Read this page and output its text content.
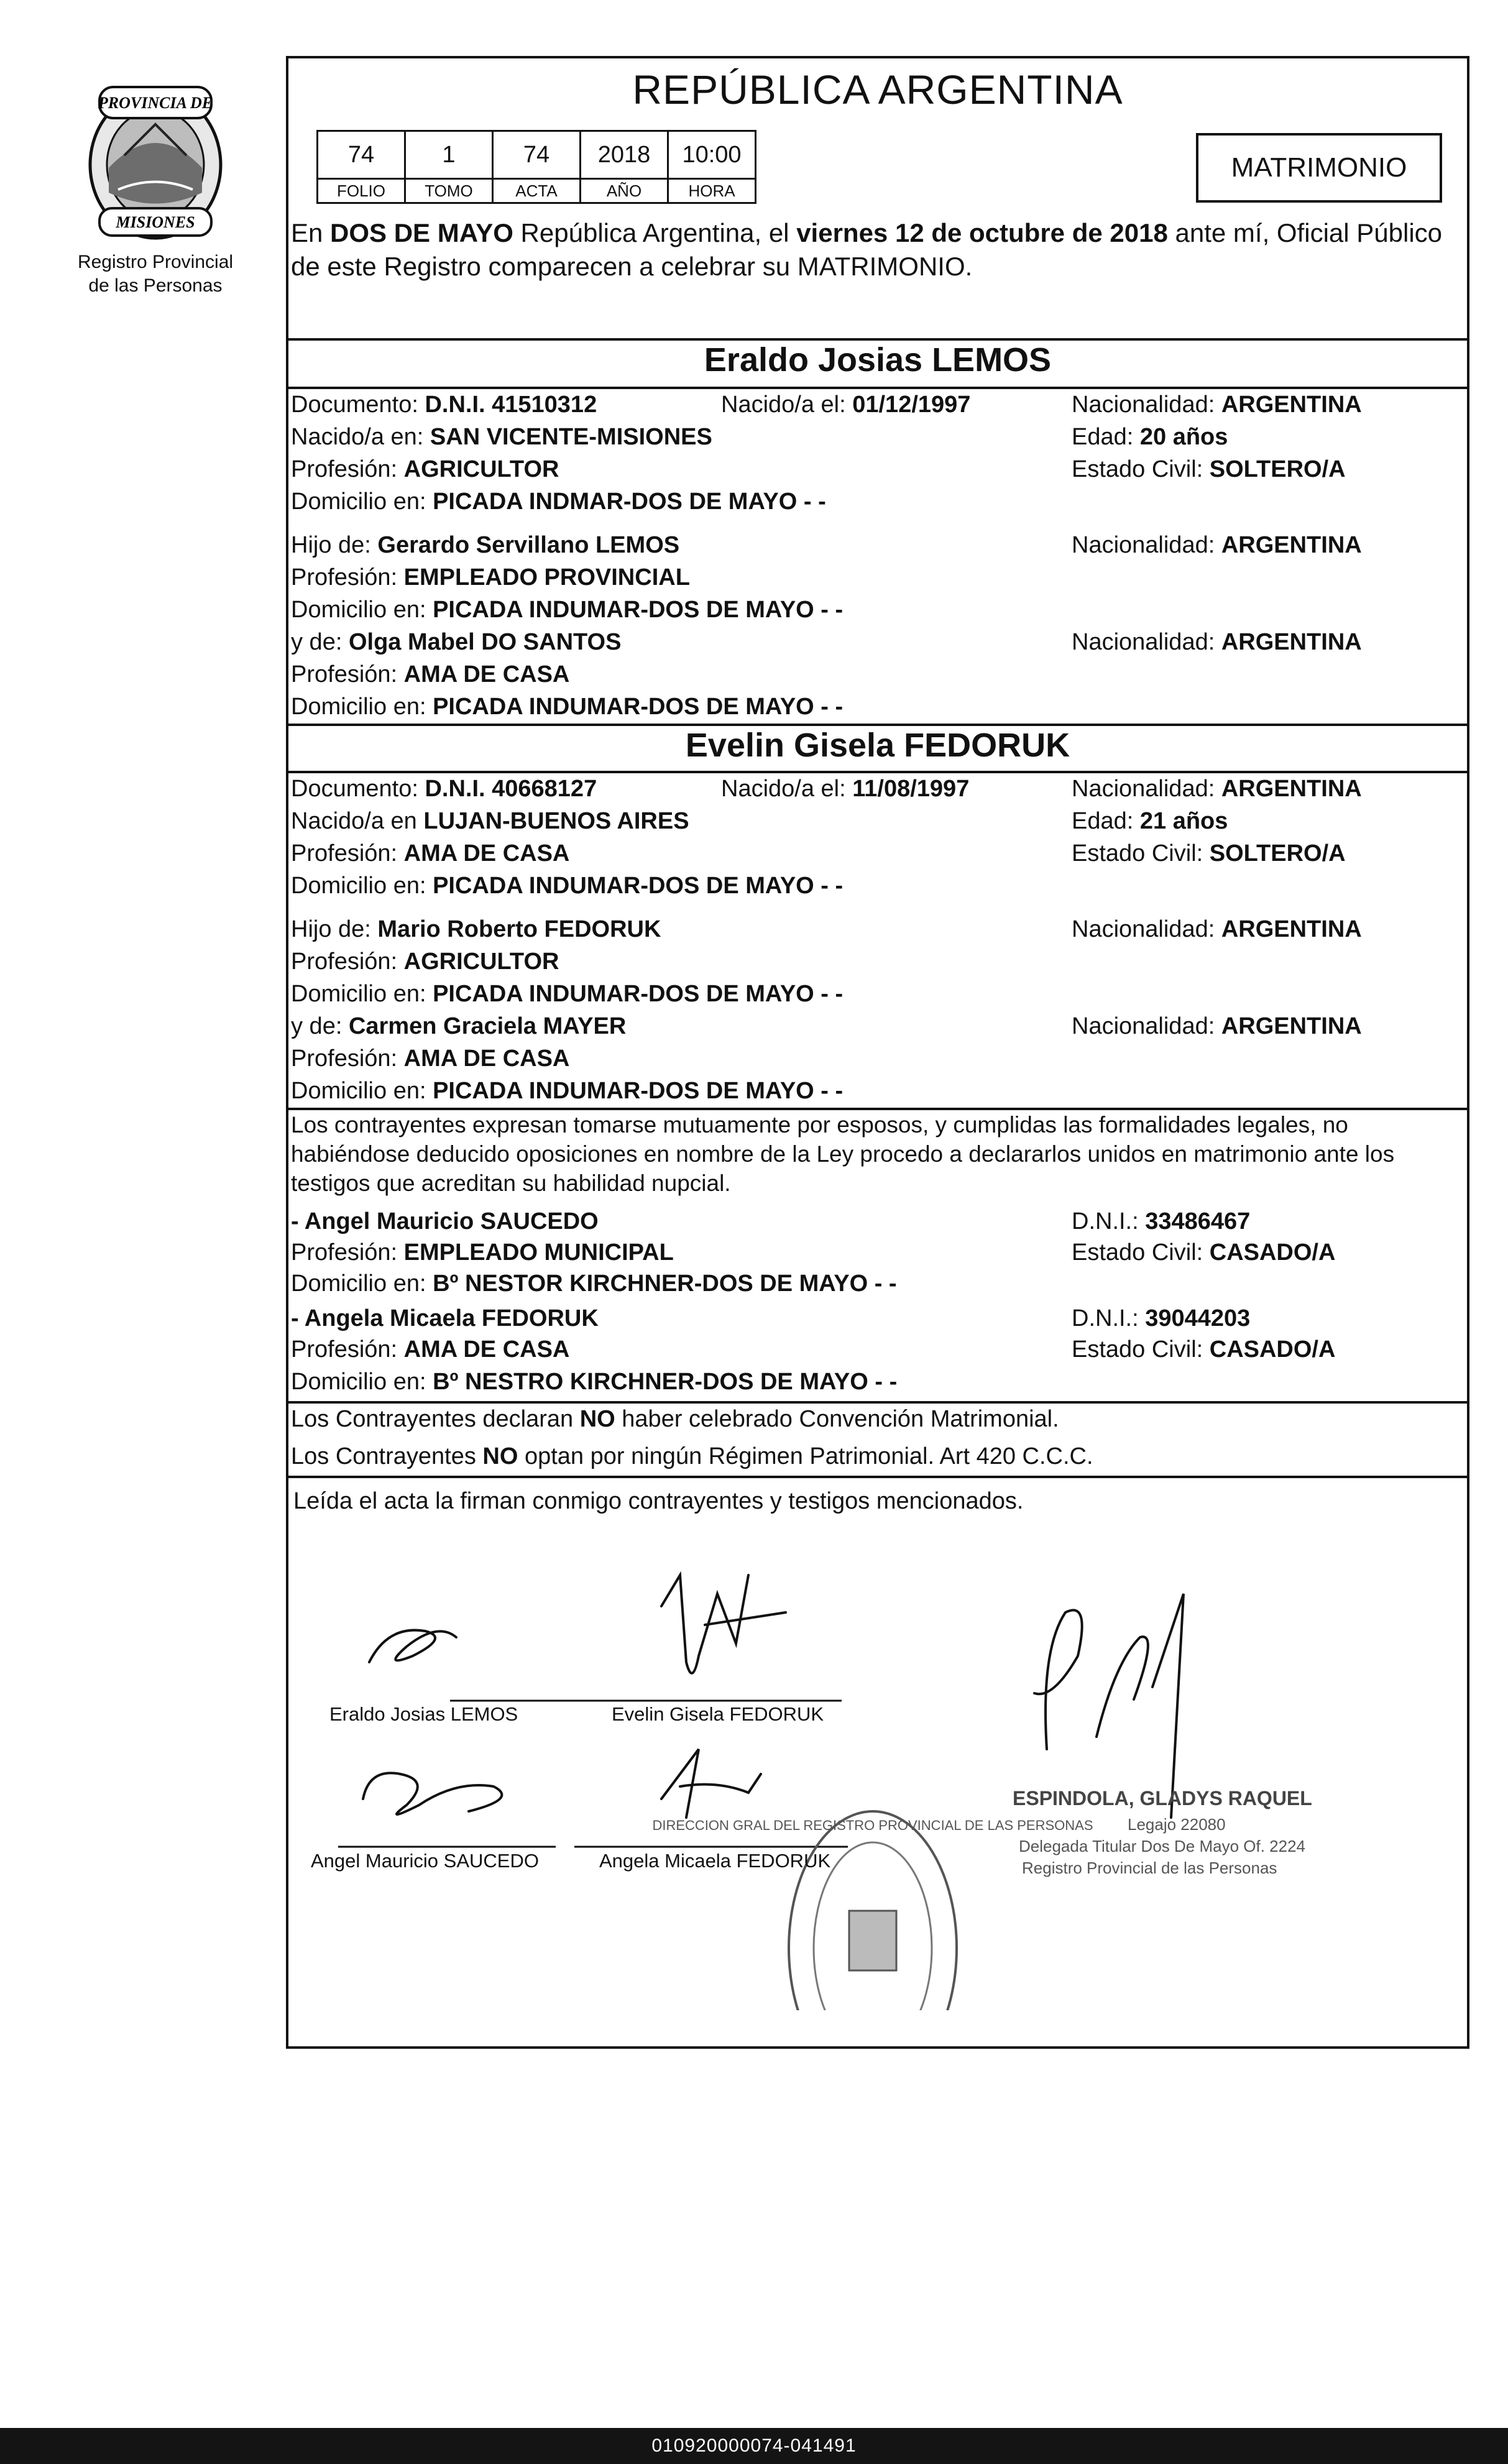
PROVINCIA DE
MISIONES
Registro Provincial
de las Personas
REPÚBLICA ARGENTINA
74	1	74	2018	10:00
FOLIO	TOMO	ACTA	AÑO	HORA
MATRIMONIO
En DOS DE MAYO República Argentina, el viernes 12 de octubre de 2018 ante mí, Oficial Público de este Registro comparecen a celebrar su MATRIMONIO.
Eraldo Josias LEMOS
Documento: D.N.I. 41510312	Nacido/a el: 01/12/1997	Nacionalidad: ARGENTINA
Nacido/a en: SAN VICENTE-MISIONES	Edad: 20 años
Profesión: AGRICULTOR	Estado Civil: SOLTERO/A
Domicilio en: PICADA INDMAR-DOS DE MAYO - -
Hijo de: Gerardo Servillano LEMOS	Nacionalidad: ARGENTINA
Profesión: EMPLEADO PROVINCIAL
Domicilio en: PICADA INDUMAR-DOS DE MAYO - -
y de: Olga Mabel DO SANTOS	Nacionalidad: ARGENTINA
Profesión: AMA DE CASA
Domicilio en: PICADA INDUMAR-DOS DE MAYO - -
Evelin Gisela FEDORUK
Documento: D.N.I. 40668127	Nacido/a el: 11/08/1997	Nacionalidad: ARGENTINA
Nacido/a en LUJAN-BUENOS AIRES	Edad: 21 años
Profesión: AMA DE CASA	Estado Civil: SOLTERO/A
Domicilio en: PICADA INDUMAR-DOS DE MAYO - -
Hijo de: Mario Roberto FEDORUK	Nacionalidad: ARGENTINA
Profesión: AGRICULTOR
Domicilio en: PICADA INDUMAR-DOS DE MAYO - -
y de: Carmen Graciela MAYER	Nacionalidad: ARGENTINA
Profesión: AMA DE CASA
Domicilio en: PICADA INDUMAR-DOS DE MAYO - -
Los contrayentes expresan tomarse mutuamente por esposos, y cumplidas las formalidades legales, no habiéndose deducido oposiciones en nombre de la Ley procedo a declararlos unidos en matrimonio ante los testigos que acreditan su habilidad nupcial.
- Angel Mauricio SAUCEDO	D.N.I.: 33486467
Profesión: EMPLEADO MUNICIPAL	Estado Civil: CASADO/A
Domicilio en: Bº NESTOR KIRCHNER-DOS DE MAYO - -
- Angela Micaela FEDORUK	D.N.I.: 39044203
Profesión: AMA DE CASA	Estado Civil: CASADO/A
Domicilio en: Bº NESTRO KIRCHNER-DOS DE MAYO - -
Los Contrayentes declaran NO haber celebrado Convención Matrimonial.
Los Contrayentes NO optan por ningún Régimen Patrimonial. Art 420 C.C.C.
Leída el acta la firman conmigo contrayentes y testigos mencionados.
DIRECCION GRAL DEL REGISTRO PROVINCIAL DE LAS PERSONAS
ESPINDOLA, GLADYS RAQUEL
Legajo 22080
Delegada Titular Dos De Mayo Of. 2224
Registro Provincial de las Personas
Eraldo Josias LEMOS	Evelin Gisela FEDORUK
Angel Mauricio SAUCEDO	Angela Micaela FEDORUK
010920000074-041491
